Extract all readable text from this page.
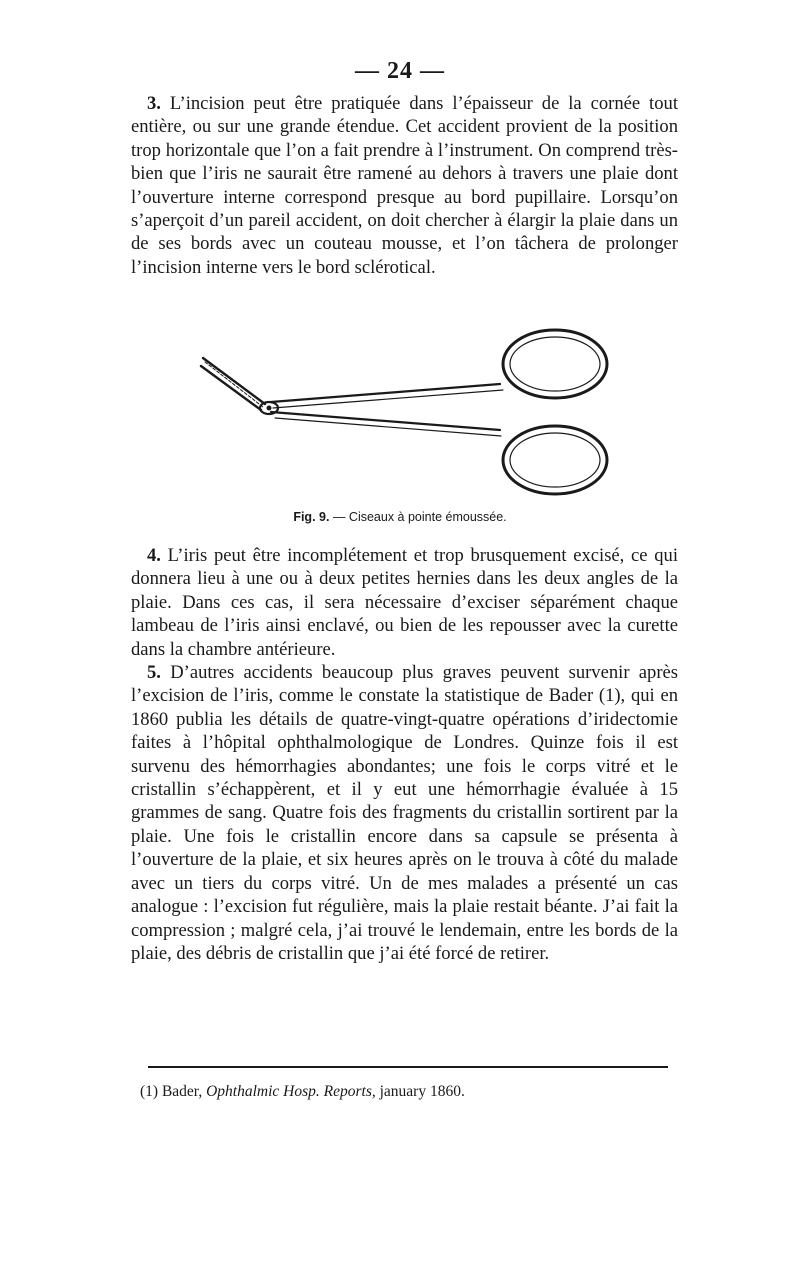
— 24 —

3. L’incision peut être pratiquée dans l’épaisseur de la cornée tout entière, ou sur une grande étendue. Cet accident provient de la position trop horizontale que l’on a fait prendre à l’instrument. On comprend très-bien que l’iris ne saurait être ramené au dehors à travers une plaie dont l’ouverture interne correspond presque au bord pupillaire. Lorsqu’on s’aperçoit d’un pareil accident, on doit chercher à élargir la plaie dans un de ses bords avec un couteau mousse, et l’on tâchera de prolonger l’incision interne vers le bord sclérotical.

Fig. 9. — Ciseaux à pointe émoussée.

4. L’iris peut être incomplétement et trop brusquement excisé, ce qui donnera lieu à une ou à deux petites hernies dans les deux angles de la plaie. Dans ces cas, il sera nécessaire d’exciser séparément chaque lambeau de l’iris ainsi enclavé, ou bien de les repousser avec la curette dans la chambre antérieure.

5. D’autres accidents beaucoup plus graves peuvent survenir après l’excision de l’iris, comme le constate la statistique de Bader (1), qui en 1860 publia les détails de quatre-vingt-quatre opérations d’iridectomie faites à l’hôpital ophthalmologique de Londres. Quinze fois il est survenu des hémorrhagies abondantes; une fois le corps vitré et le cristallin s’échappèrent, et il y eut une hémorrhagie évaluée à 15 grammes de sang. Quatre fois des fragments du cristallin sortirent par la plaie. Une fois le cristallin encore dans sa capsule se présenta à l’ouverture de la plaie, et six heures après on le trouva à côté du malade avec un tiers du corps vitré. Un de mes malades a présenté un cas analogue : l’excision fut régulière, mais la plaie restait béante. J’ai fait la compression ; malgré cela, j’ai trouvé le lendemain, entre les bords de la plaie, des débris de cristallin que j’ai été forcé de retirer.

(1) Bader, Ophthalmic Hosp. Reports, january 1860.
